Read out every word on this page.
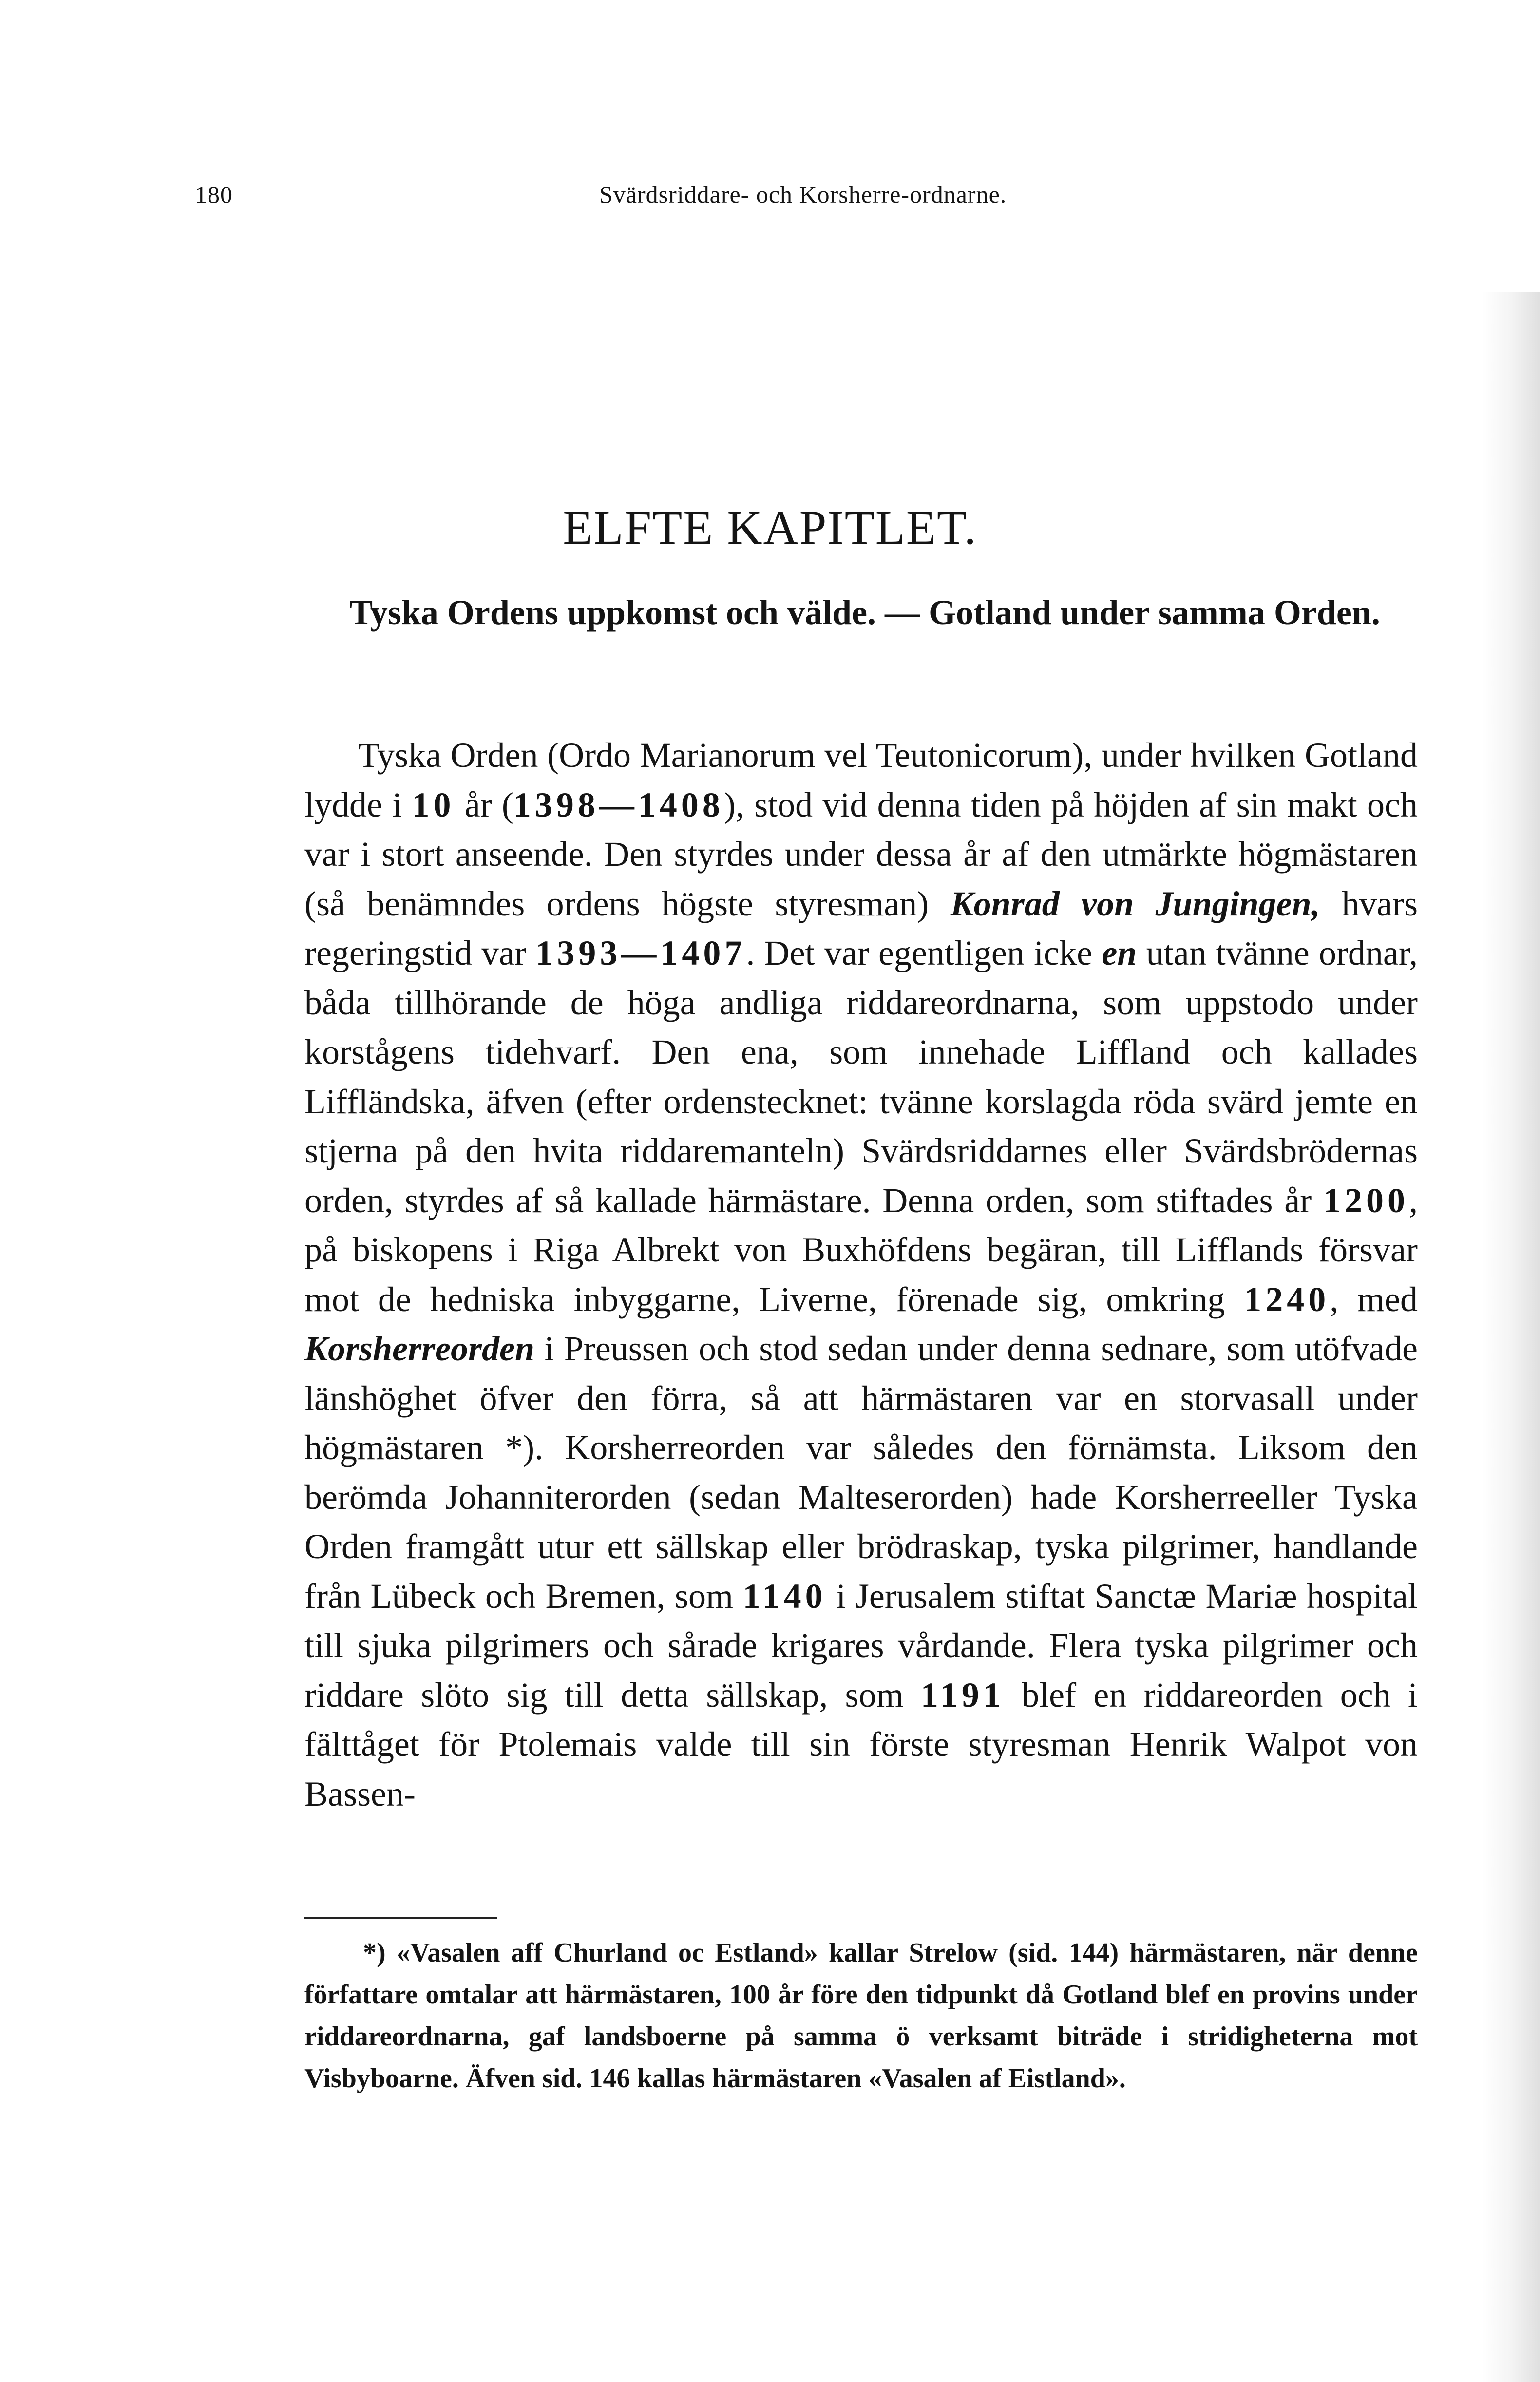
180	Svärdsriddare- och Korsherre-ordnarne.
ELFTE KAPITLET.
Tyska Ordens uppkomst och välde. — Gotland under samma Orden.

Tyska Orden (Ordo Marianorum vel Teutonicorum), under hvilken Gotland lydde i 10 år (1398—1408), stod vid denna tiden på höjden af sin makt och var i stort anseende. Den styrdes under dessa år af den utmärkte högmästaren (så benämndes ordens högste styresman) Konrad von Jungingen, hvars regeringstid var 1393—1407. Det var egentligen icke en utan tvänne ordnar, båda tillhörande de höga andliga riddareordnarna, som uppstodo under korstågens tidehvarf. Den ena, som innehade Liffland och kallades Liffländska, äfven (efter ordenstecknet: tvänne korslagda röda svärd jemte en stjerna på den hvita riddaremanteln) Svärdsriddarnes eller Svärdsbrödernas orden, styrdes af så kallade härmästare. Denna orden, som stiftades år 1200, på biskopens i Riga Albrekt von Buxhöfdens begäran, till Lifflands försvar mot de hedniska inbyggarne, Liverne, förenade sig, omkring 1240, med Korsherreorden i Preussen och stod sedan under denna sednare, som utöfvade länshöghet öfver den förra, så att härmästaren var en storvasall under högmästaren *). Korsherreorden var således den förnämsta. Liksom den berömda Johanniterorden (sedan Malteserorden) hade Korsherreeller Tyska Orden framgått utur ett sällskap eller brödraskap, tyska pilgrimer, handlande från Lübeck och Bremen, som 1140 i Jerusalem stiftat Sanctæ Mariæ hospital till sjuka pilgrimers och sårade krigares vårdande. Flera tyska pilgrimer och riddare slöto sig till detta sällskap, som 1191 blef en riddareorden och i fälttåget för Ptolemais valde till sin förste styresman Henrik Walpot von Bassen-

*) «Vasalen aff Churland oc Estland» kallar Strelow (sid. 144) härmästaren, när denne författare omtalar att härmästaren, 100 år före den tidpunkt då Gotland blef en provins under riddareordnarna, gaf landsboerne på samma ö verksamt biträde i stridigheterna mot Visbyboarne. Äfven sid. 146 kallas härmästaren «Vasalen af Eistland».
